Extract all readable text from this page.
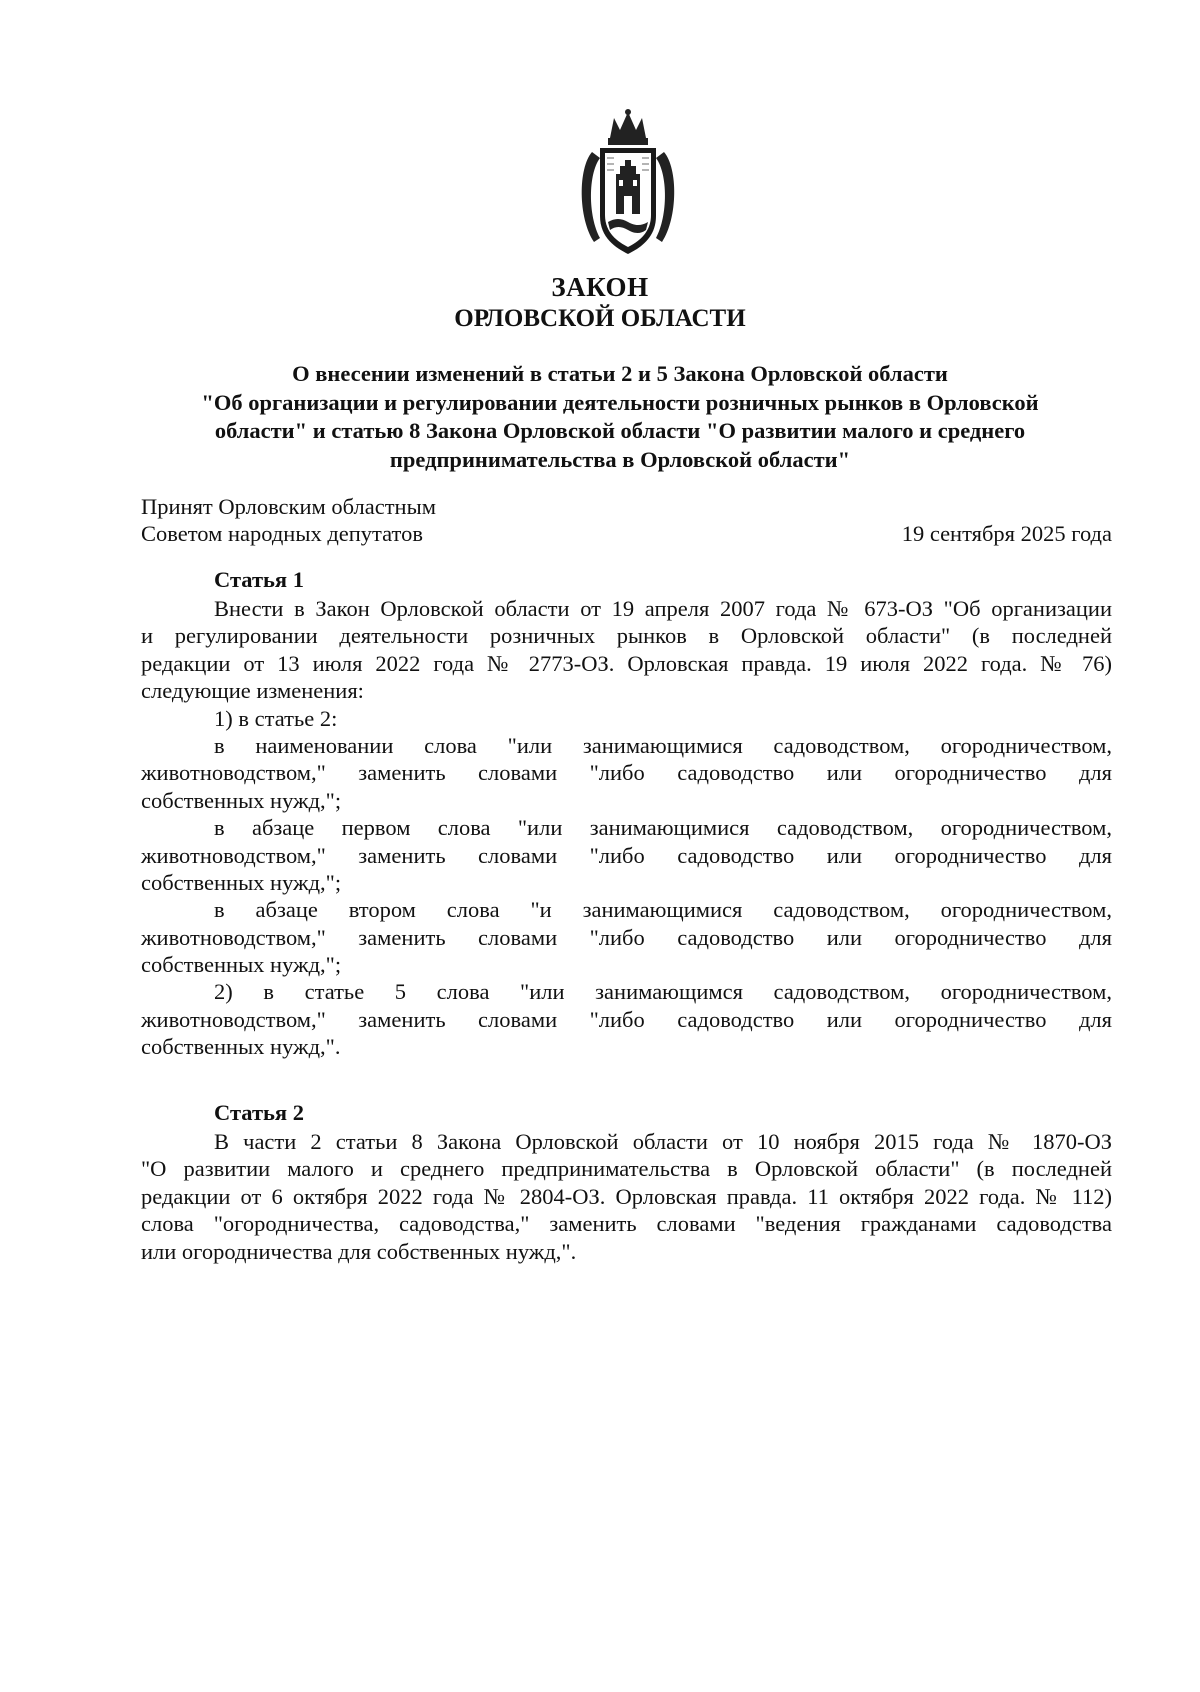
ЗАКОН
ОРЛОВСКОЙ ОБЛАСТИ
О внесении изменений в статьи 2 и 5 Закона Орловской области
"Об организации и регулировании деятельности розничных рынков в Орловской
области" и статью 8 Закона Орловской области "О развитии малого и среднего
предпринимательства в Орловской области"
Принят Орловским областным
Советом народных депутатов	19 сентября 2025 года
Статья 1
Внести в Закон Орловской области от 19 апреля 2007 года № 673-ОЗ "Об организации
и регулировании деятельности розничных рынков в Орловской области" (в последней
редакции от 13 июля 2022 года № 2773-ОЗ. Орловская правда. 19 июля 2022 года. № 76)
следующие изменения:
1) в статье 2:
в наименовании слова "или занимающимися садоводством, огородничеством,
животноводством," заменить словами "либо садоводство или огородничество для
собственных нужд,";
в абзаце первом слова "или занимающимися садоводством, огородничеством,
животноводством," заменить словами "либо садоводство или огородничество для
собственных нужд,";
в абзаце втором слова "и занимающимися садоводством, огородничеством,
животноводством," заменить словами "либо садоводство или огородничество для
собственных нужд,";
2) в статье 5 слова "или занимающимся садоводством, огородничеством,
животноводством," заменить словами "либо садоводство или огородничество для
собственных нужд,".
Статья 2
В части 2 статьи 8 Закона Орловской области от 10 ноября 2015 года № 1870-ОЗ
"О развитии малого и среднего предпринимательства в Орловской области" (в последней
редакции от 6 октября 2022 года № 2804-ОЗ. Орловская правда. 11 октября 2022 года. № 112)
слова "огородничества, садоводства," заменить словами "ведения гражданами садоводства
или огородничества для собственных нужд,".
